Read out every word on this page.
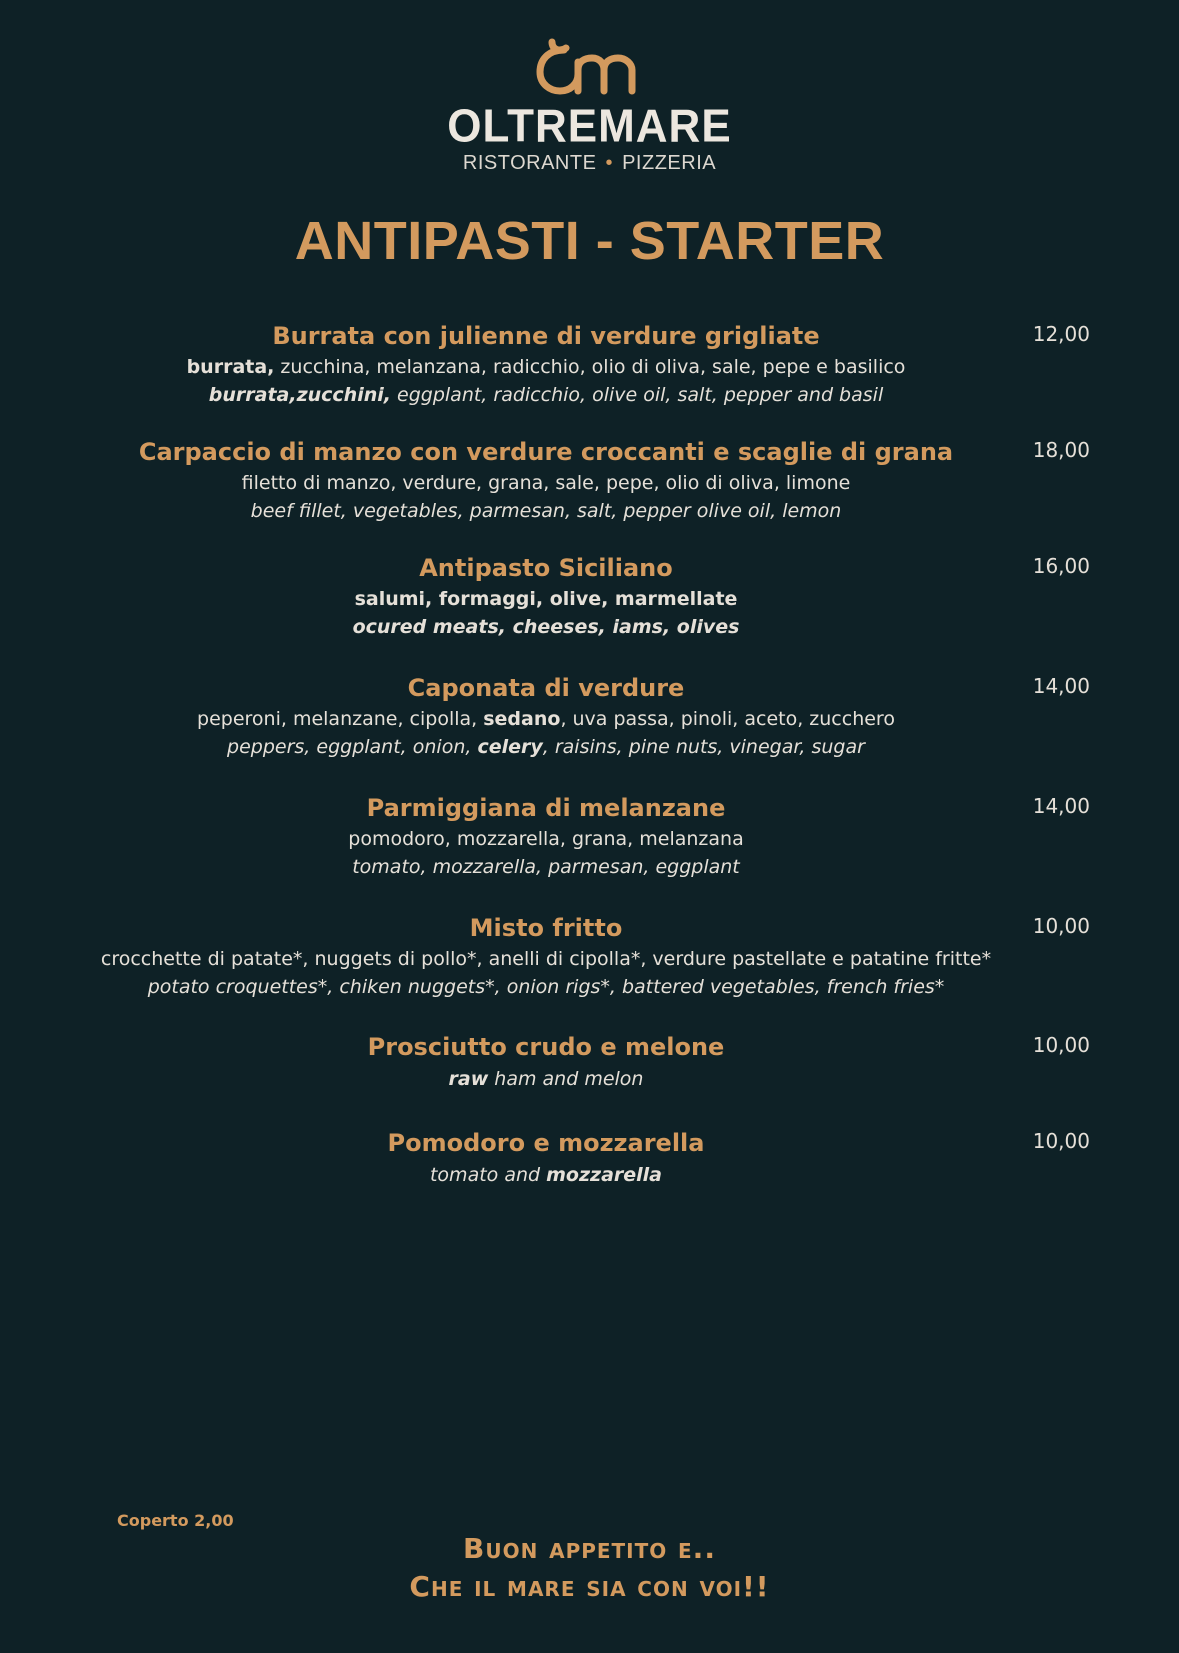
OLTREMARE
RISTORANTE • PIZZERIA
ANTIPASTI - STARTER
Burrata con julienne di verdure grigliate
burrata, zucchina, melanzana, radicchio, olio di oliva, sale, pepe e basilico
burrata,zucchini, eggplant, radicchio, olive oil, salt, pepper and basil
12,00
Carpaccio di manzo con verdure croccanti e scaglie di grana
filetto di manzo, verdure, grana, sale, pepe, olio di oliva, limone
beef fillet, vegetables, parmesan, salt, pepper olive oil, lemon
18,00
Antipasto Siciliano
salumi, formaggi, olive, marmellate
ocured meats, cheeses, iams, olives
16,00
Caponata di verdure
peperoni, melanzane, cipolla, sedano, uva passa, pinoli, aceto, zucchero
peppers, eggplant, onion, celery, raisins, pine nuts, vinegar, sugar
14,00
Parmiggiana di melanzane
pomodoro, mozzarella, grana, melanzana
tomato, mozzarella, parmesan, eggplant
14,00
Misto fritto
crocchette di patate*, nuggets di pollo*, anelli di cipolla*, verdure pastellate e patatine fritte*
potato croquettes*, chiken nuggets*, onion rigs*, battered vegetables, french fries*
10,00
Prosciutto crudo e melone
raw ham and melon
10,00
Pomodoro e mozzarella
tomato and mozzarella
10,00
Coperto 2,00
Buon appetito e..
Che il mare sia con voi!!
